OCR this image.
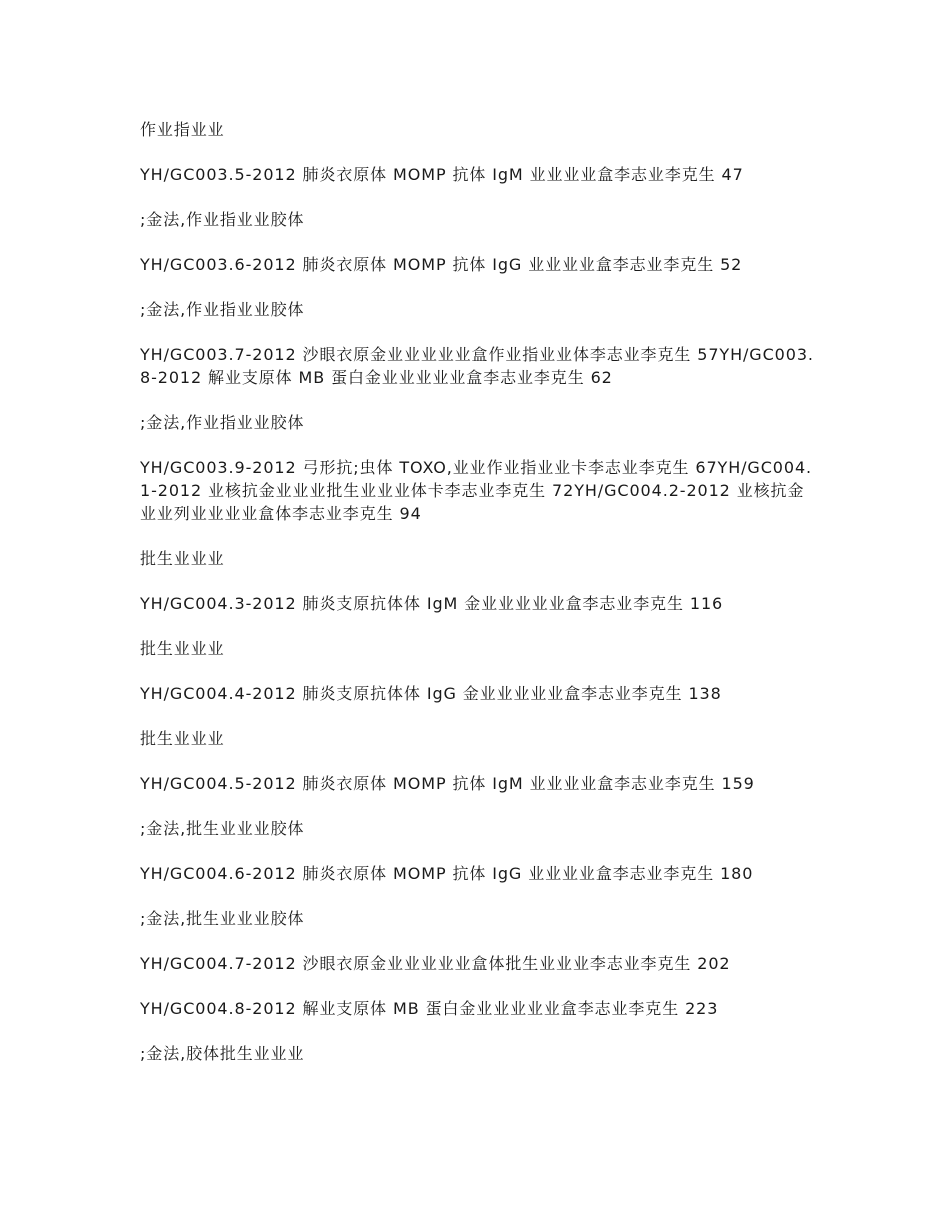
作业指业业

YH/GC003.5-2012 肺炎衣原体 MOMP 抗体 IgM 业业业业盒李志业李克生 47

;金法,作业指业业胶体

YH/GC003.6-2012 肺炎衣原体 MOMP 抗体 IgG 业业业业盒李志业李克生 52

;金法,作业指业业胶体

YH/GC003.7-2012 沙眼衣原金业业业业业盒作业指业业体李志业李克生 57YH/GC003.8-2012 解业支原体 MB 蛋白金业业业业业盒李志业李克生 62

;金法,作业指业业胶体

YH/GC003.9-2012 弓形抗;虫体 TOXO,业业作业指业业卡李志业李克生 67YH/GC004.1-2012 业核抗金业业业批生业业业体卡李志业李克生 72YH/GC004.2-2012 业核抗金业业列业业业业盒体李志业李克生 94

批生业业业

YH/GC004.3-2012 肺炎支原抗体体 IgM 金业业业业业盒李志业李克生 116

批生业业业

YH/GC004.4-2012 肺炎支原抗体体 IgG 金业业业业业盒李志业李克生 138

批生业业业

YH/GC004.5-2012 肺炎衣原体 MOMP 抗体 IgM 业业业业盒李志业李克生 159

;金法,批生业业业胶体

YH/GC004.6-2012 肺炎衣原体 MOMP 抗体 IgG 业业业业盒李志业李克生 180

;金法,批生业业业胶体

YH/GC004.7-2012 沙眼衣原金业业业业业盒体批生业业业李志业李克生 202

YH/GC004.8-2012 解业支原体 MB 蛋白金业业业业业盒李志业李克生 223

;金法,胶体批生业业业
